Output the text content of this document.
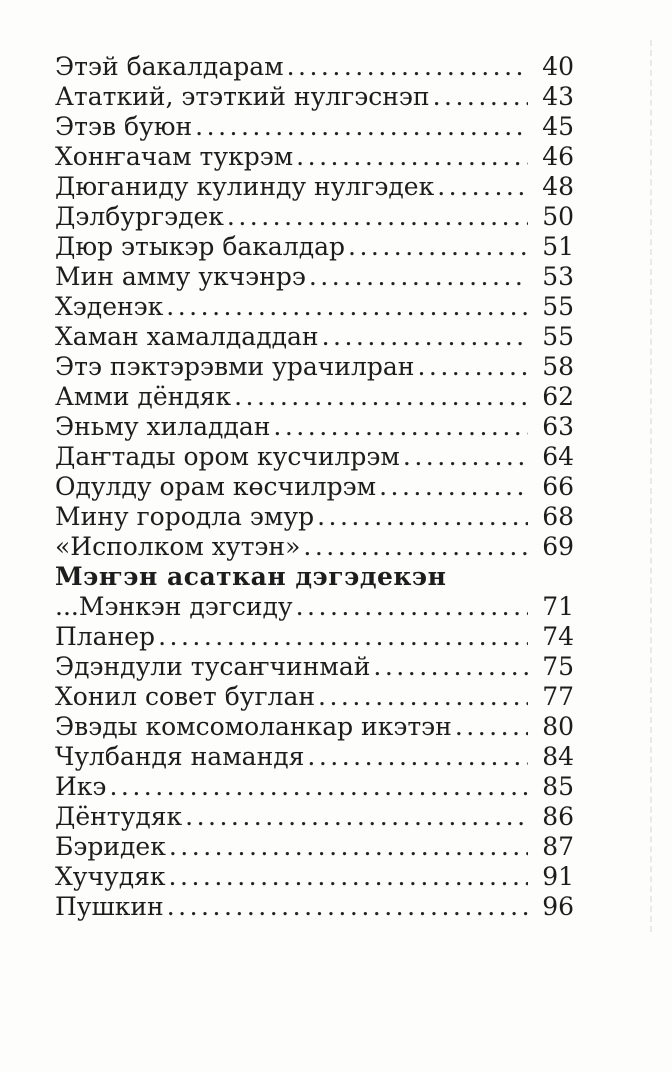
Этэй бакалдарам .....	40
Ататкий, этэткий нулгэснэп .....	43
Этэв буюн .....	45
Хонҥачам тукрэм .....	46
Дюганиду кулинду нулгэдек .....	48
Дэлбургэдек .....	50
Дюр этыкэр бакалдар .....	51
Мин амму укчэнрэ .....	53
Хэденэк .....	55
Хаман хамалдаддан .....	55
Этэ пэктэрэвми урачилран .....	58
Амми дёндяк .....	62
Эньму хиладдан .....	63
Даҥтады ором кусчилрэм .....	64
Одулду орам көсчилрэм .....	66
Мину городла эмур .....	68
«Исполком хутэн» .....	69
Мэҥэн асаткан дэгэдекэн
...Мэнкэн дэгсиду .....	71
Планер .....	74
Эдэндули тусаҥчинмай .....	75
Хонил совет буглан .....	77
Эвэды комсомоланкар икэтэн .....	80
Чулбандя намандя .....	84
Икэ .....	85
Дёнтудяк .....	86
Бэридек .....	87
Хучудяк .....	91
Пушкин .....	96
